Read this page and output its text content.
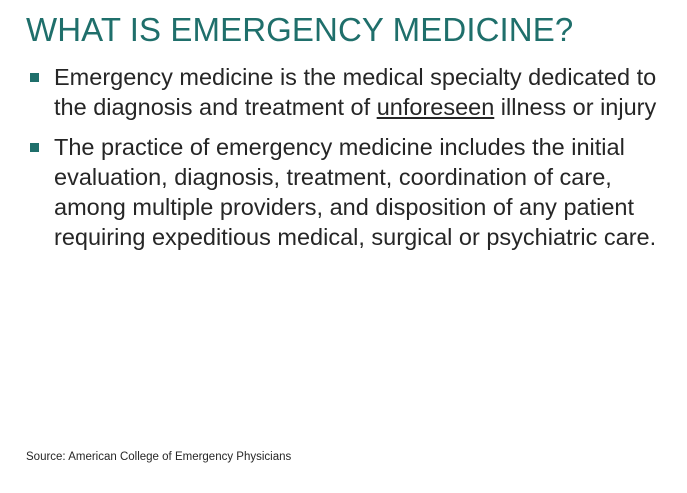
WHAT IS EMERGENCY MEDICINE?
Emergency medicine is the medical specialty dedicated to the diagnosis and treatment of unforeseen illness or injury
The practice of emergency medicine includes the initial evaluation, diagnosis, treatment, coordination of care, among multiple providers, and disposition of any patient requiring expeditious medical, surgical or psychiatric care.
Source: American College of Emergency Physicians
